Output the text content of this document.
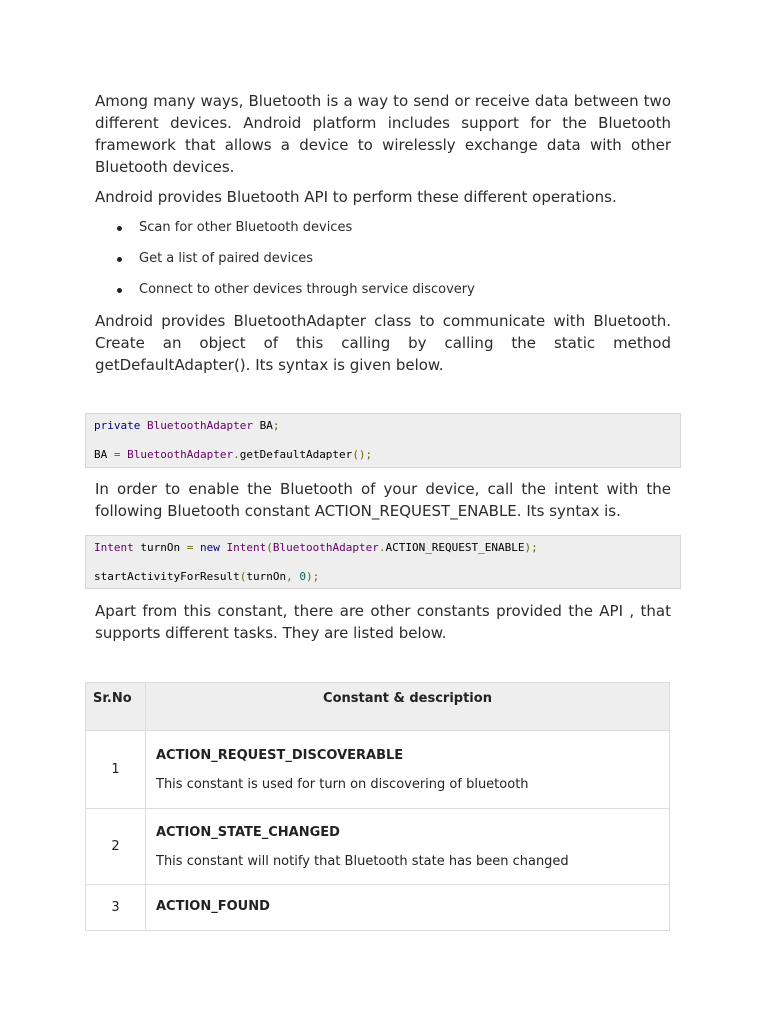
Among many ways, Bluetooth is a way to send or receive data between two different devices. Android platform includes support for the Bluetooth framework that allows a device to wirelessly exchange data with other Bluetooth devices.

Android provides Bluetooth API to perform these different operations.

Scan for other Bluetooth devices
Get a list of paired devices
Connect to other devices through service discovery

Android provides BluetoothAdapter class to communicate with Bluetooth. Create an object of this calling by calling the static method getDefaultAdapter(). Its syntax is given below.

private BluetoothAdapter BA;
BA = BluetoothAdapter.getDefaultAdapter();

In order to enable the Bluetooth of your device, call the intent with the following Bluetooth constant ACTION_REQUEST_ENABLE. Its syntax is.

Intent turnOn = new Intent(BluetoothAdapter.ACTION_REQUEST_ENABLE);
startActivityForResult(turnOn, 0);

Apart from this constant, there are other constants provided the API , that supports different tasks. They are listed below.

Sr.No	Constant & description
1	ACTION_REQUEST_DISCOVERABLE

This constant is used for turn on discovering of bluetooth

2	ACTION_STATE_CHANGED

This constant will notify that Bluetooth state has been changed

3	ACTION_FOUND
